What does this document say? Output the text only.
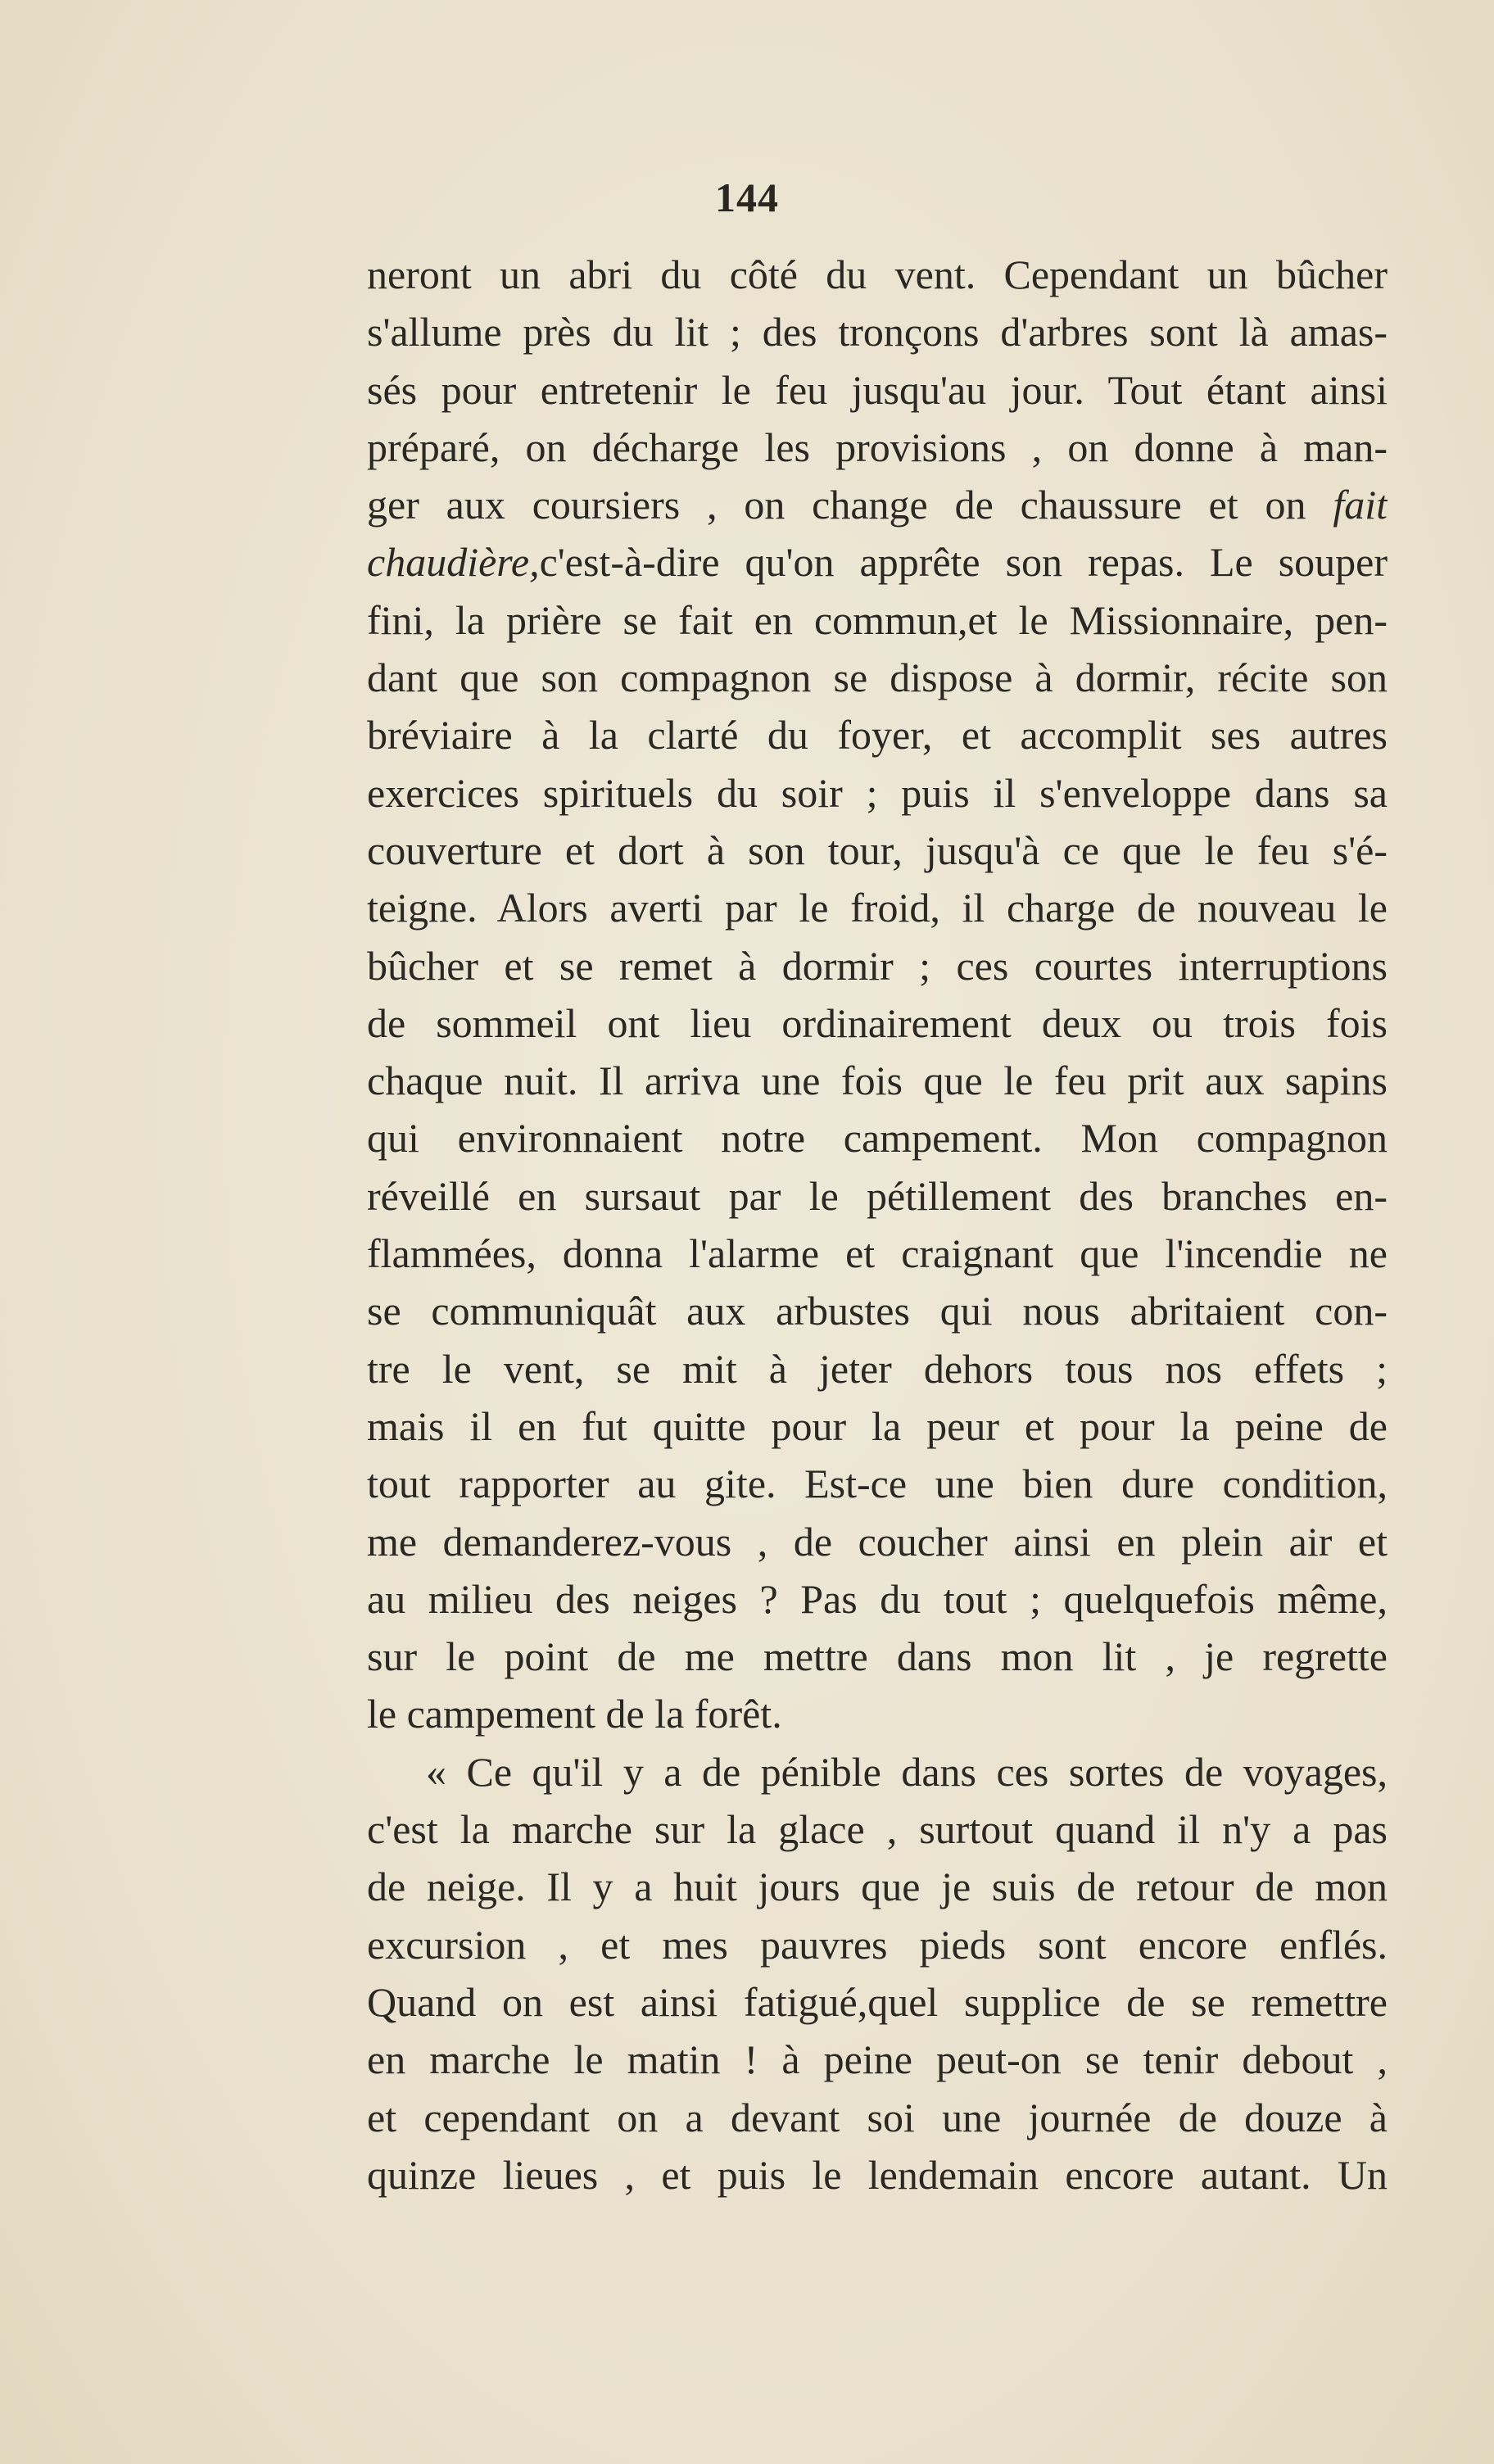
144
neront un abri du côté du vent. Cependant un bûcher
s'allume près du lit ; des tronçons d'arbres sont là amas-
sés pour entretenir le feu jusqu'au jour. Tout étant ainsi
préparé, on décharge les provisions , on donne à man-
ger aux coursiers , on change de chaussure et on fait
chaudière,c'est-à-dire qu'on apprête son repas. Le souper
fini, la prière se fait en commun,et le Missionnaire, pen-
dant que son compagnon se dispose à dormir, récite son
bréviaire à la clarté du foyer, et accomplit ses autres
exercices spirituels du soir ; puis il s'enveloppe dans sa
couverture et dort à son tour, jusqu'à ce que le feu s'é-
teigne. Alors averti par le froid, il charge de nouveau le
bûcher et se remet à dormir ; ces courtes interruptions
de sommeil ont lieu ordinairement deux ou trois fois
chaque nuit. Il arriva une fois que le feu prit aux sapins
qui environnaient notre campement. Mon compagnon
réveillé en sursaut par le pétillement des branches en-
flammées, donna l'alarme et craignant que l'incendie ne
se communiquât aux arbustes qui nous abritaient con-
tre le vent, se mit à jeter dehors tous nos effets ;
mais il en fut quitte pour la peur et pour la peine de
tout rapporter au gite. Est-ce une bien dure condition,
me demanderez-vous , de coucher ainsi en plein air et
au milieu des neiges ? Pas du tout ; quelquefois même,
sur le point de me mettre dans mon lit , je regrette
le campement de la forêt.
« Ce qu'il y a de pénible dans ces sortes de voyages,
c'est la marche sur la glace , surtout quand il n'y a pas
de neige. Il y a huit jours que je suis de retour de mon
excursion , et mes pauvres pieds sont encore enflés.
Quand on est ainsi fatigué,quel supplice de se remettre
en marche le matin ! à peine peut-on se tenir debout ,
et cependant on a devant soi une journée de douze à
quinze lieues , et puis le lendemain encore autant. Un
